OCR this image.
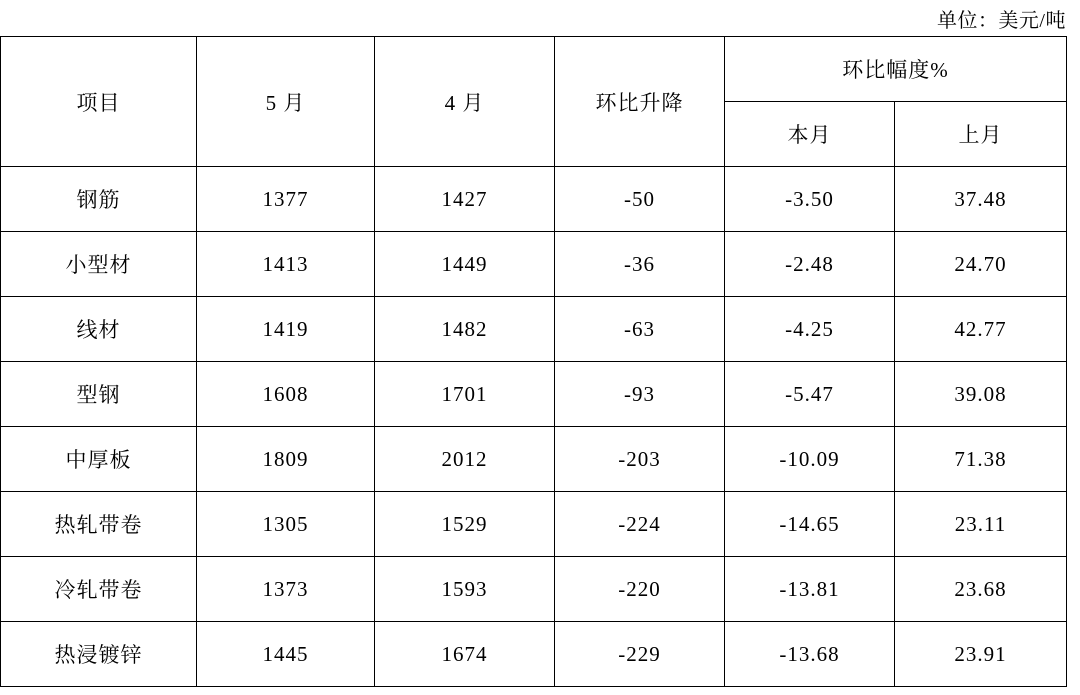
单位：美元/吨
项目	5 月	4 月	环比升降	环比幅度%	
				本月	上月
钢筋	1377	1427	-50	-3.50	37.48
小型材	1413	1449	-36	-2.48	24.70
线材	1419	1482	-63	-4.25	42.77
型钢	1608	1701	-93	-5.47	39.08
中厚板	1809	2012	-203	-10.09	71.38
热轧带卷	1305	1529	-224	-14.65	23.11
冷轧带卷	1373	1593	-220	-13.81	23.68
热浸镀锌	1445	1674	-229	-13.68	23.91
